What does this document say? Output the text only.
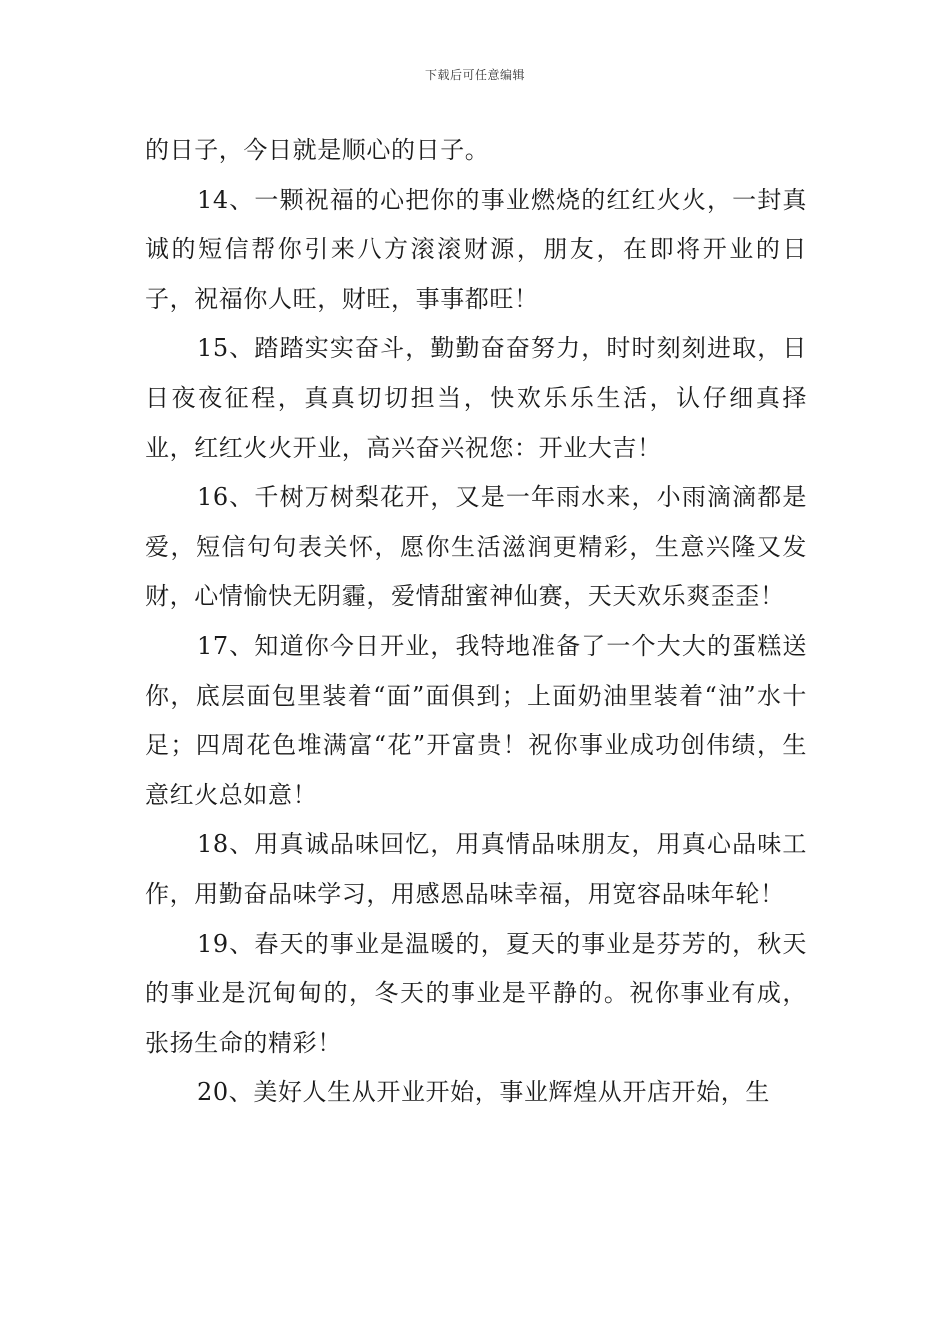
下载后可任意编辑

的日子，今日就是顺心的日子。

14、一颗祝福的心把你的事业燃烧的红红火火，一封真诚的短信帮你引来八方滚滚财源，朋友，在即将开业的日子，祝福你人旺，财旺，事事都旺！

15、踏踏实实奋斗，勤勤奋奋努力，时时刻刻进取，日日夜夜征程，真真切切担当，快欢乐乐生活，认仔细真择业，红红火火开业，高兴奋兴祝您：开业大吉！

16、千树万树梨花开，又是一年雨水来，小雨滴滴都是爱，短信句句表关怀，愿你生活滋润更精彩，生意兴隆又发财，心情愉快无阴霾，爱情甜蜜神仙赛，天天欢乐爽歪歪！

17、知道你今日开业，我特地准备了一个大大的蛋糕送你，底层面包里装着“面”面俱到；上面奶油里装着“油”水十足；四周花色堆满富“花”开富贵！祝你事业成功创伟绩，生意红火总如意！

18、用真诚品味回忆，用真情品味朋友，用真心品味工作，用勤奋品味学习，用感恩品味幸福，用宽容品味年轮！

19、春天的事业是温暖的，夏天的事业是芬芳的，秋天的事业是沉甸甸的，冬天的事业是平静的。祝你事业有成，张扬生命的精彩！

20、美好人生从开业开始，事业辉煌从开店开始，生
